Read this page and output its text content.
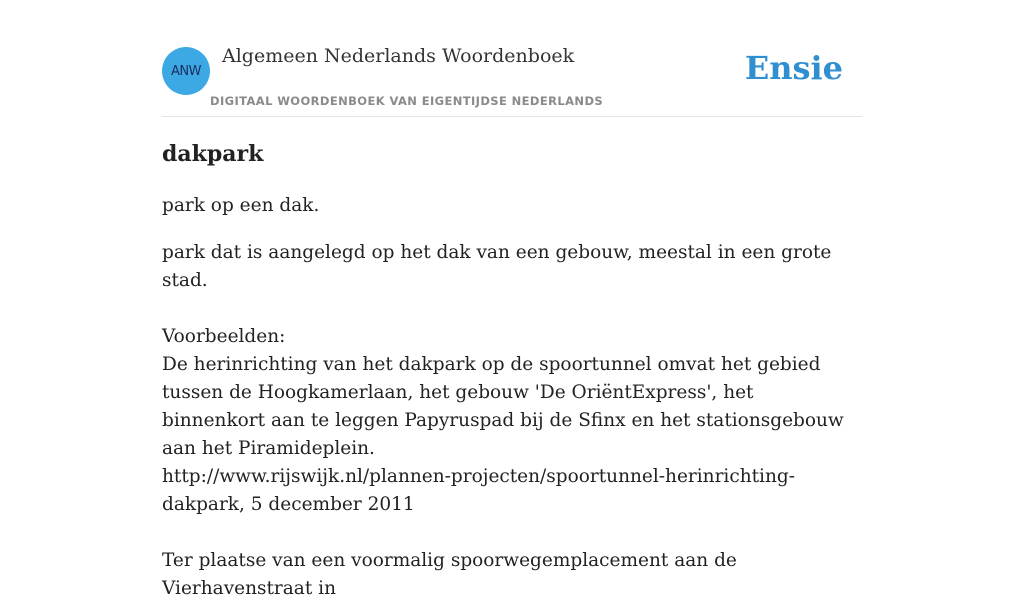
ANW
Algemeen Nederlands Woordenboek
DIGITAAL WOORDENBOEK VAN EIGENTIJDSE NEDERLANDS
Ensie
dakpark

park op een dak.

park dat is aangelegd op het dak van een gebouw, meestal in een grote stad.

Voorbeelden:

De herinrichting van het dakpark op de spoortunnel omvat het gebied tussen de Hoogkamerlaan, het gebouw 'De OriëntExpress', het binnenkort aan te leggen Papyruspad bij de Sfinx en het stationsgebouw aan het Piramideplein.

http://www.rijswijk.nl/plannen-projecten/spoortunnel-herinrichting-dakpark, 5 december 2011

Ter plaatse van een voormalig spoorwegemplacement aan de Vierhavenstraat in
